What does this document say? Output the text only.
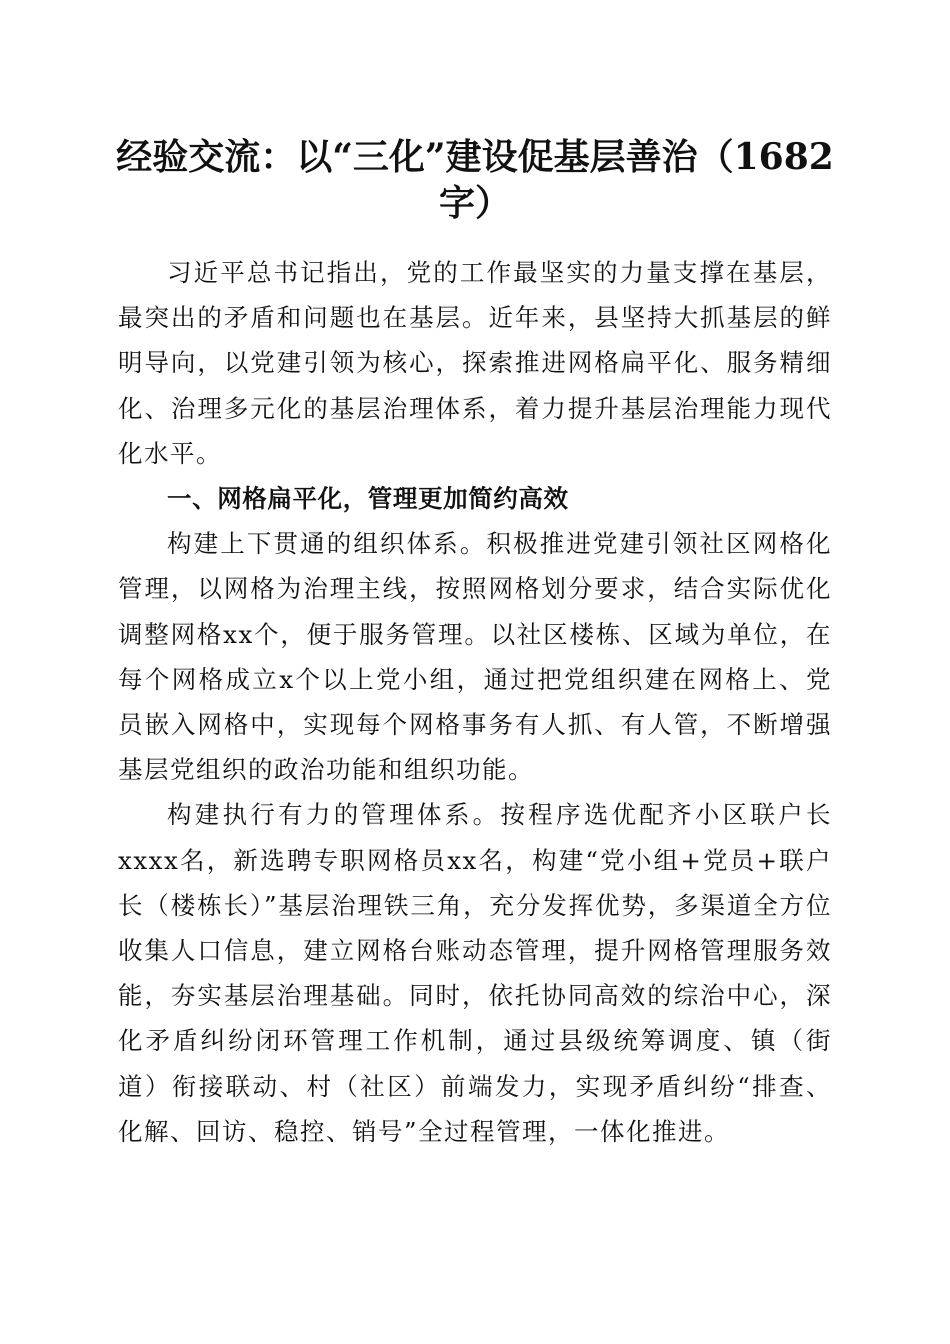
经验交流：以“三化”建设促基层善治（1682字）

习近平总书记指出，党的工作最坚实的力量支撑在基层，最突出的矛盾和问题也在基层。近年来，县坚持大抓基层的鲜明导向，以党建引领为核心，探索推进网格扁平化、服务精细化、治理多元化的基层治理体系，着力提升基层治理能力现代化水平。

一、网格扁平化，管理更加简约高效

构建上下贯通的组织体系。积极推进党建引领社区网格化管理，以网格为治理主线，按照网格划分要求，结合实际优化调整网格xx个，便于服务管理。以社区楼栋、区域为单位，在每个网格成立x个以上党小组，通过把党组织建在网格上、党员嵌入网格中，实现每个网格事务有人抓、有人管，不断增强基层党组织的政治功能和组织功能。

构建执行有力的管理体系。按程序选优配齐小区联户长xxxx名，新选聘专职网格员xx名，构建“党小组+党员+联户长（楼栋长）”基层治理铁三角，充分发挥优势，多渠道全方位收集人口信息，建立网格台账动态管理，提升网格管理服务效能，夯实基层治理基础。同时，依托协同高效的综治中心，深化矛盾纠纷闭环管理工作机制，通过县级统筹调度、镇（街道）衔接联动、村（社区）前端发力，实现矛盾纠纷“排查、化解、回访、稳控、销号”全过程管理，一体化推进。
